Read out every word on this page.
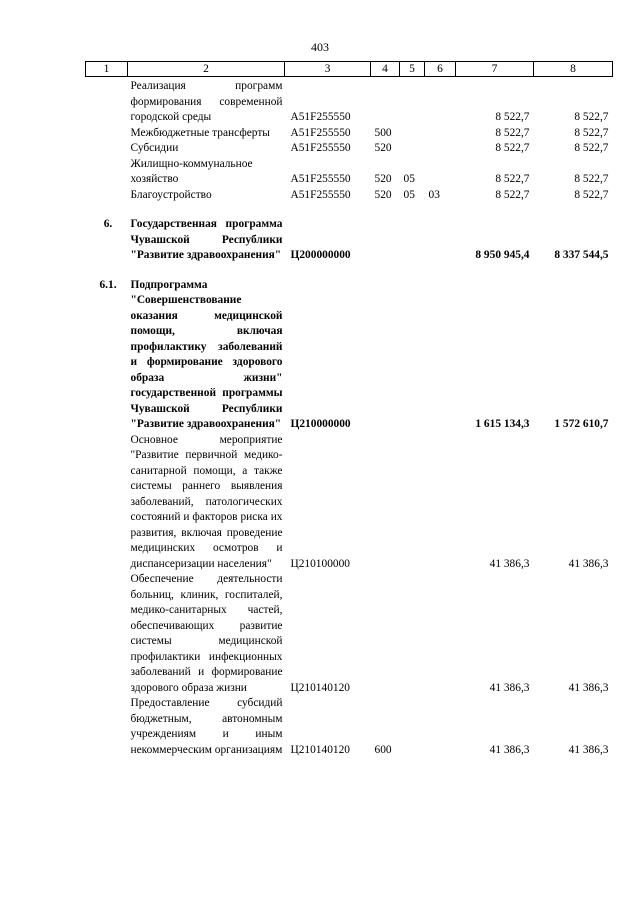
403
1	2	3	4	5	6	7	8
	Реализация программ формирования современной городской среды	А51F255550				8 522,7	8 522,7
	Межбюджетные трансферты	А51F255550	500			8 522,7	8 522,7
	Субсидии	А51F255550	520			8 522,7	8 522,7
	Жилищно-коммунальное хозяйство	А51F255550	520	05		8 522,7	8 522,7
	Благоустройство	А51F255550	520	05	03	8 522,7	8 522,7

6.	Государственная программа Чувашской Республики "Развитие здравоохранения"	Ц200000000				8 950 945,4	8 337 544,5

6.1.	Подпрограмма "Совершенствование оказания медицинской помощи, включая профилактику заболеваний и формирование здорового образа жизни" государственной программы Чувашской Республики "Развитие здравоохранения"	Ц210000000				1 615 134,3	1 572 610,7
	Основное мероприятие "Развитие первичной медико-санитарной помощи, а также системы раннего выявления заболеваний, патологических состояний и факторов риска их развития, включая проведение медицинских осмотров и диспансеризации населения"	Ц210100000				41 386,3	41 386,3
	Обеспечение деятельности больниц, клиник, госпиталей, медико-санитарных частей, обеспечивающих развитие системы медицинской профилактики инфекционных заболеваний и формирование здорового образа жизни	Ц210140120				41 386,3	41 386,3
	Предоставление субсидий бюджетным, автономным учреждениям и иным некоммерческим организациям	Ц210140120	600			41 386,3	41 386,3
